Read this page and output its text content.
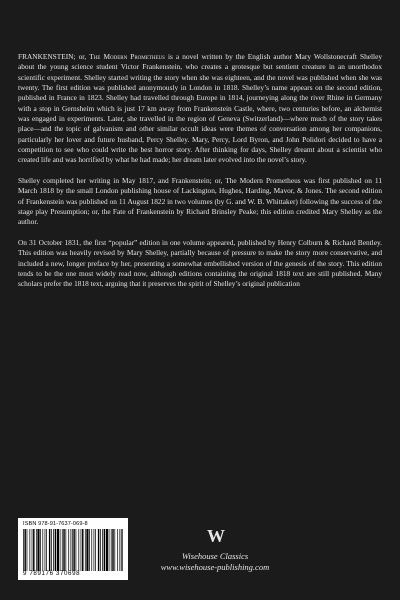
FRANKENSTEIN; or, The Modern Prometheus is a novel written by the English author Mary Wollstonecraft Shelley about the young science student Victor Frankenstein, who creates a grotesque but sentient creature in an unorthodox scientific experiment. Shelley started writing the story when she was eighteen, and the novel was published when she was twenty. The first edition was published anonymously in London in 1818. Shelley’s name appears on the second edition, published in France in 1823. Shelley had travelled through Europe in 1814, journeying along the river Rhine in Germany with a stop in Gernsheim which is just 17 km away from Frankenstein Castle, where, two centuries before, an alchemist was engaged in experiments. Later, she travelled in the region of Geneva (Switzerland)—where much of the story takes place—and the topic of galvanism and other similar occult ideas were themes of conversation among her companions, particularly her lover and future husband, Percy Shelley. Mary, Percy, Lord Byron, and John Polidori decided to have a competition to see who could write the best horror story. After thinking for days, Shelley dreamt about a scientist who created life and was horrified by what he had made; her dream later evolved into the novel’s story.

Shelley completed her writing in May 1817, and Frankenstein; or, The Modern Prometheus was first published on 11 March 1818 by the small London publishing house of Lackington, Hughes, Harding, Mavor, & Jones. The second edition of Frankenstein was published on 11 August 1822 in two volumes (by G. and W. B. Whittaker) following the success of the stage play Presumption; or, the Fate of Frankenstein by Richard Brinsley Peake; this edition credited Mary Shelley as the author.

On 31 October 1831, the first “popular” edition in one volume appeared, published by Henry Colburn & Richard Bentley. This edition was heavily revised by Mary Shelley, partially because of pressure to make the story more conservative, and included a new, longer preface by her, presenting a somewhat embellished version of the genesis of the story. This edition tends to be the one most widely read now, although editions containing the original 1818 text are still published. Many scholars prefer the 1818 text, arguing that it preserves the spirit of Shelley’s original publication

ISBN 978-91-7637-069-8
9 789176 370698
W
Wisehouse Classics
www.wisehouse-publishing.com
